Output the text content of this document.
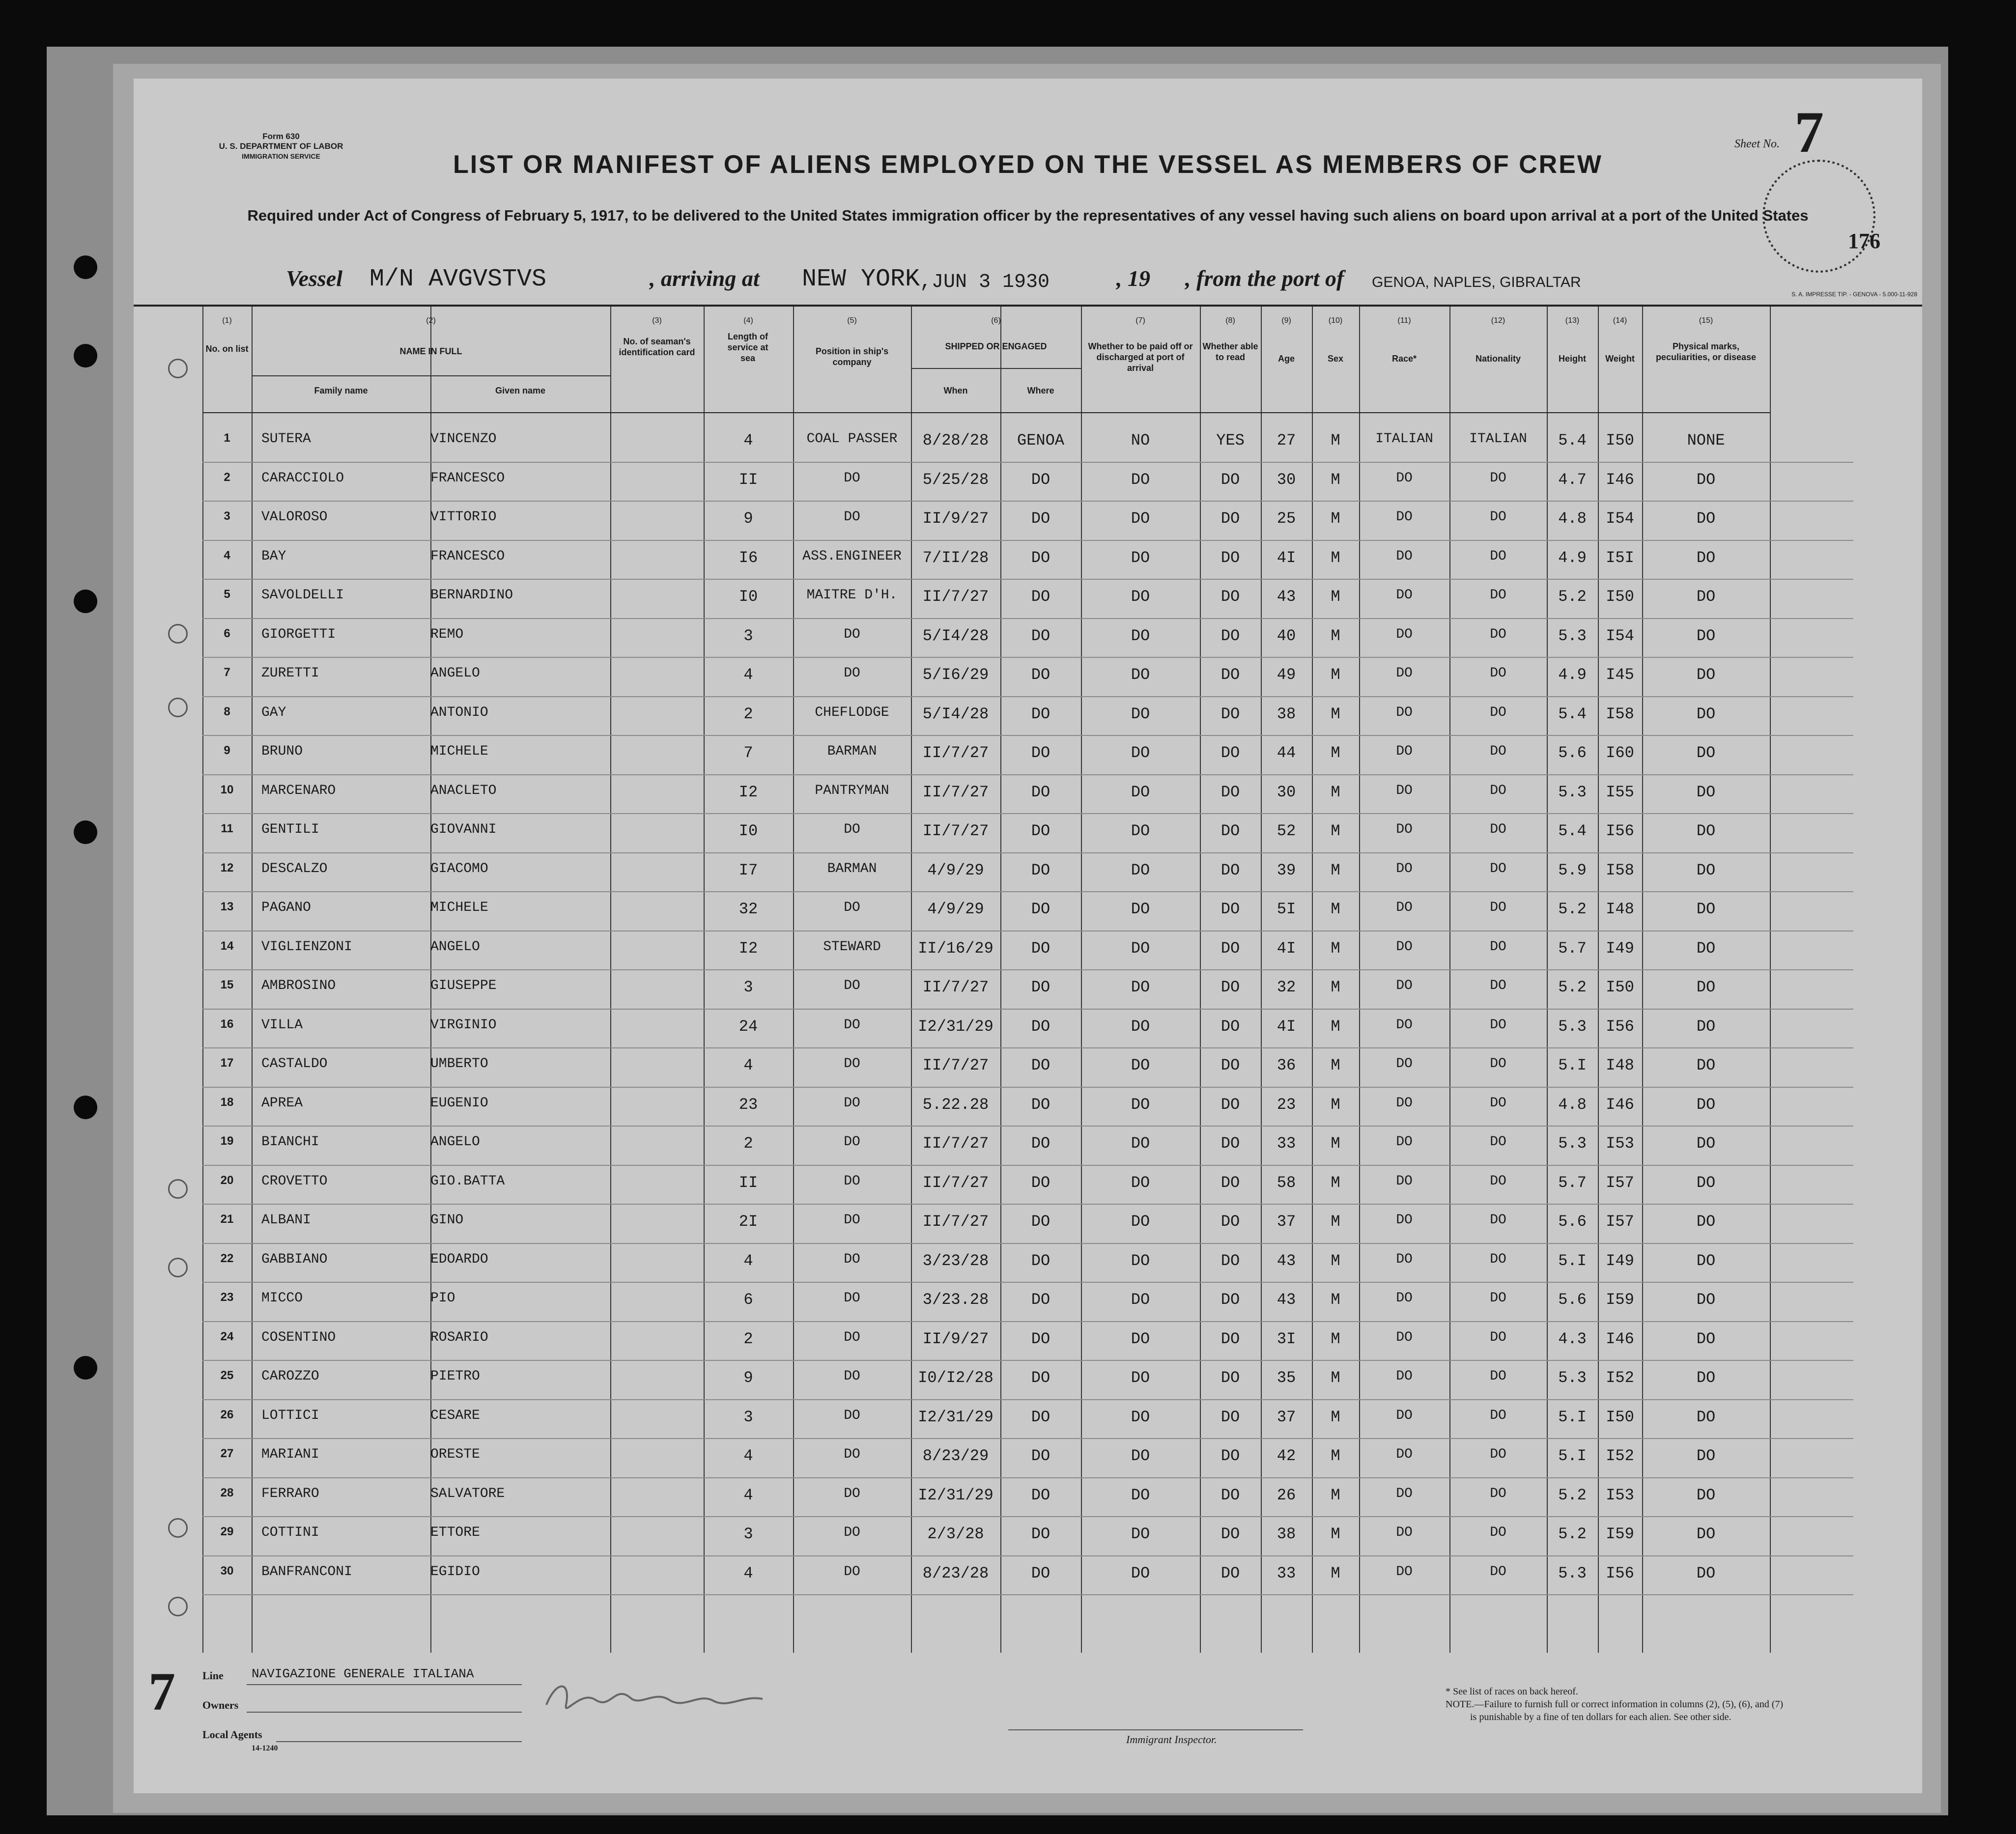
Form 630
U. S. DEPARTMENT OF LABOR
IMMIGRATION SERVICE	LIST OR MANIFEST OF ALIENS EMPLOYED ON THE VESSEL AS MEMBERS OF CREW
Required under Act of Congress of February 5, 1917, to be delivered to the United States immigration officer by the representatives of any vessel having such aliens on board upon arrival at a port of the United States
Sheet No. 7
176
Vessel M/N AVGVSTVS	, arriving at NEW YORK ,JUN 3 1930	, 19 , from the port of GENOA, NAPLES, GIBRALTAR
S. A. IMPRESSE TIP. - GENOVA - 5.000-11-928
(1)
No. on list
(2)
NAME IN FULL
Family name	Given name
(3)
No. of seaman's identification card
(4)
Length of service at sea
(5)
Position in ship's company
(6)
SHIPPED OR ENGAGED
When	Where
(7)
Whether to be paid off or discharged at port of arrival
(8)
Whether able to read
(9)
Age
(10)
Sex
(11)
Race*
(12)
Nationality
(13)
Height
(14)
Weight
(15)
Physical marks, peculiarities, or disease
1	SUTERA	VINCENZO	4	COAL PASSER	8/28/28	GENOA	NO	YES	27	M	ITALIAN	ITALIAN	5.4	I50	NONE
2	CARACCIOLO	FRANCESCO	II	DO	5/25/28	DO	DO	DO	30	M	DO	DO	4.7	I46	DO
3	VALOROSO	VITTORIO	9	DO	II/9/27	DO	DO	DO	25	M	DO	DO	4.8	I54	DO
4	BAY	FRANCESCO	I6	ASS.ENGINEER	7/II/28	DO	DO	DO	4I	M	DO	DO	4.9	I5I	DO
5	SAVOLDELLI	BERNARDINO	I0	MAITRE D'H.	II/7/27	DO	DO	DO	43	M	DO	DO	5.2	I50	DO
6	GIORGETTI	REMO	3	DO	5/I4/28	DO	DO	DO	40	M	DO	DO	5.3	I54	DO
7	ZURETTI	ANGELO	4	DO	5/I6/29	DO	DO	DO	49	M	DO	DO	4.9	I45	DO
8	GAY	ANTONIO	2	CHEFLODGE	5/I4/28	DO	DO	DO	38	M	DO	DO	5.4	I58	DO
9	BRUNO	MICHELE	7	BARMAN	II/7/27	DO	DO	DO	44	M	DO	DO	5.6	I60	DO
10	MARCENARO	ANACLETO	I2	PANTRYMAN	II/7/27	DO	DO	DO	30	M	DO	DO	5.3	I55	DO
11	GENTILI	GIOVANNI	I0	DO	II/7/27	DO	DO	DO	52	M	DO	DO	5.4	I56	DO
12	DESCALZO	GIACOMO	I7	BARMAN	4/9/29	DO	DO	DO	39	M	DO	DO	5.9	I58	DO
13	PAGANO	MICHELE	32	DO	4/9/29	DO	DO	DO	5I	M	DO	DO	5.2	I48	DO
14	VIGLIENZONI	ANGELO	I2	STEWARD	II/16/29	DO	DO	DO	4I	M	DO	DO	5.7	I49	DO
15	AMBROSINO	GIUSEPPE	3	DO	II/7/27	DO	DO	DO	32	M	DO	DO	5.2	I50	DO
16	VILLA	VIRGINIO	24	DO	I2/31/29	DO	DO	DO	4I	M	DO	DO	5.3	I56	DO
17	CASTALDO	UMBERTO	4	DO	II/7/27	DO	DO	DO	36	M	DO	DO	5.I	I48	DO
18	APREA	EUGENIO	23	DO	5.22.28	DO	DO	DO	23	M	DO	DO	4.8	I46	DO
19	BIANCHI	ANGELO	2	DO	II/7/27	DO	DO	DO	33	M	DO	DO	5.3	I53	DO
20	CROVETTO	GIO.BATTA	II	DO	II/7/27	DO	DO	DO	58	M	DO	DO	5.7	I57	DO
21	ALBANI	GINO	2I	DO	II/7/27	DO	DO	DO	37	M	DO	DO	5.6	I57	DO
22	GABBIANO	EDOARDO	4	DO	3/23/28	DO	DO	DO	43	M	DO	DO	5.I	I49	DO
23	MICCO	PIO	6	DO	3/23.28	DO	DO	DO	43	M	DO	DO	5.6	I59	DO
24	COSENTINO	ROSARIO	2	DO	II/9/27	DO	DO	DO	3I	M	DO	DO	4.3	I46	DO
25	CAROZZO	PIETRO	9	DO	I0/I2/28	DO	DO	DO	35	M	DO	DO	5.3	I52	DO
26	LOTTICI	CESARE	3	DO	I2/31/29	DO	DO	DO	37	M	DO	DO	5.I	I50	DO
27	MARIANI	ORESTE	4	DO	8/23/29	DO	DO	DO	42	M	DO	DO	5.I	I52	DO
28	FERRARO	SALVATORE	4	DO	I2/31/29	DO	DO	DO	26	M	DO	DO	5.2	I53	DO
29	COTTINI	ETTORE	3	DO	2/3/28	DO	DO	DO	38	M	DO	DO	5.2	I59	DO
30	BANFRANCONI	EGIDIO	4	DO	8/23/28	DO	DO	DO	33	M	DO	DO	5.3	I56	DO
7	Line NAVIGAZIONE GENERALE ITALIANA
Owners
Local Agents
14-1240
Immigrant Inspector.
* See list of races on back hereof.
NOTE.—Failure to furnish full or correct information in columns (2), (5), (6), and (7)
is punishable by a fine of ten dollars for each alien. See other side.
